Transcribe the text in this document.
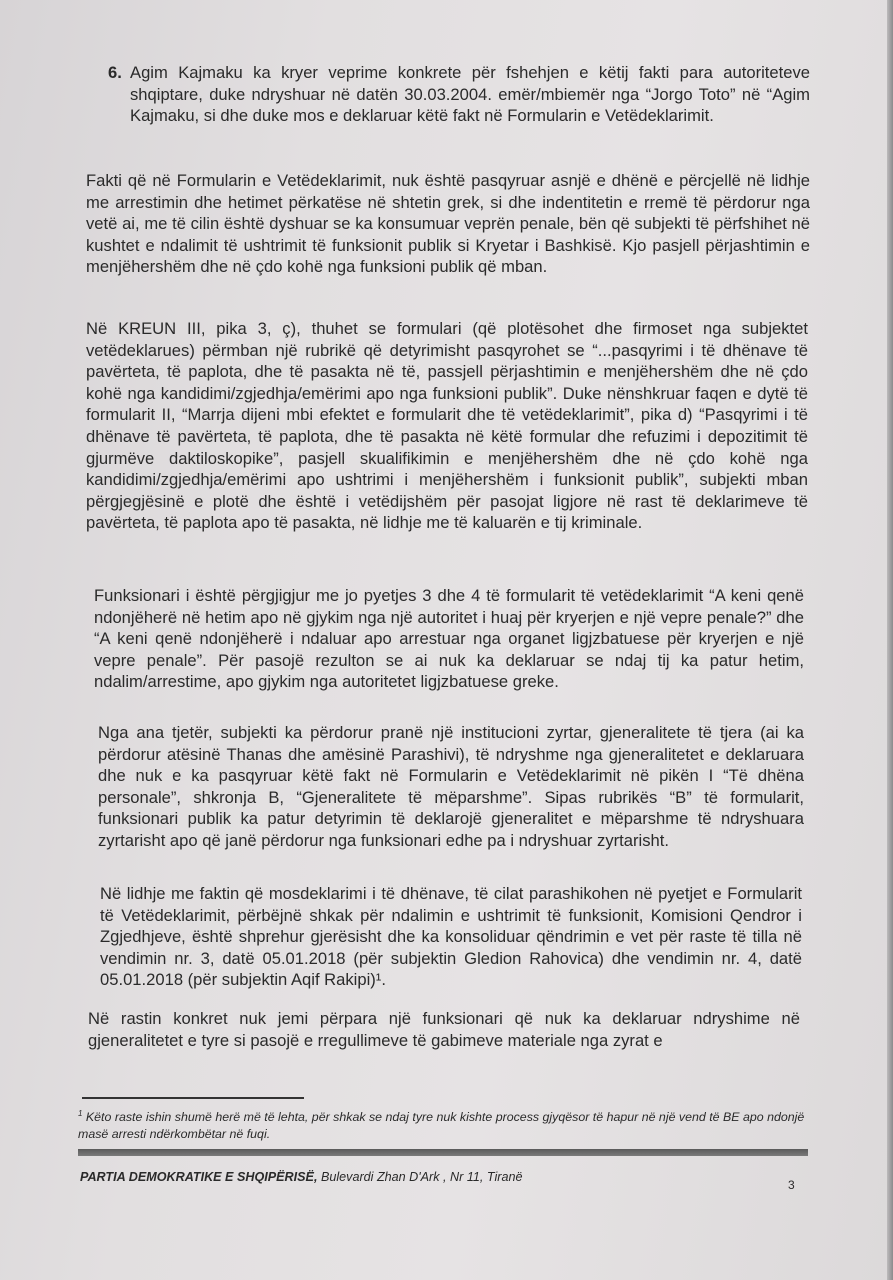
6. Agim Kajmaku ka kryer veprime konkrete për fshehjen e këtij fakti para autoriteteve shqiptare, duke ndryshuar në datën 30.03.2004. emër/mbiemër nga “Jorgo Toto” në “Agim Kajmaku, si dhe duke mos e deklaruar këtë fakt në Formularin e Vetëdeklarimit.

Fakti që në Formularin e Vetëdeklarimit, nuk është pasqyruar asnjë e dhënë e përcjellë në lidhje me arrestimin dhe hetimet përkatëse në shtetin grek, si dhe indentitetin e rremë të përdorur nga vetë ai, me të cilin është dyshuar se ka konsumuar veprën penale, bën që subjekti të përfshihet në kushtet e ndalimit të ushtrimit të funksionit publik si Kryetar i Bashkisë. Kjo pasjell përjashtimin e menjëhershëm dhe në çdo kohë nga funksioni publik që mban.

Në KREUN III, pika 3, ç), thuhet se formulari (që plotësohet dhe firmoset nga subjektet vetëdeklarues) përmban një rubrikë që detyrimisht pasqyrohet se “...pasqyrimi i të dhënave të pavërteta, të paplota, dhe të pasakta në të, passjell përjashtimin e menjëhershëm dhe në çdo kohë nga kandidimi/zgjedhja/emërimi apo nga funksioni publik”. Duke nënshkruar faqen e dytë të formularit II, “Marrja dijeni mbi efektet e formularit dhe të vetëdeklarimit”, pika d) “Pasqyrimi i të dhënave të pavërteta, të paplota, dhe të pasakta në këtë formular dhe refuzimi i depozitimit të gjurmëve daktiloskopike”, pasjell skualifikimin e menjëhershëm dhe në çdo kohë nga kandidimi/zgjedhja/emërimi apo ushtrimi i menjëhershëm i funksionit publik”, subjekti mban përgjegjësinë e plotë dhe është i vetëdijshëm për pasojat ligjore në rast të deklarimeve të pavërteta, të paplota apo të pasakta, në lidhje me të kaluarën e tij kriminale.

Funksionari i është përgjigjur me jo pyetjes 3 dhe 4 të formularit të vetëdeklarimit “A keni qenë ndonjëherë në hetim apo në gjykim nga një autoritet i huaj për kryerjen e një vepre penale?” dhe “A keni qenë ndonjëherë i ndaluar apo arrestuar nga organet ligjzbatuese për kryerjen e një vepre penale”. Për pasojë rezulton se ai nuk ka deklaruar se ndaj tij ka patur hetim, ndalim/arrestime, apo gjykim nga autoritetet ligjzbatuese greke.

Nga ana tjetër, subjekti ka përdorur pranë një institucioni zyrtar, gjeneralitete të tjera (ai ka përdorur atësinë Thanas dhe amësinë Parashivi), të ndryshme nga gjeneralitetet e deklaruara dhe nuk e ka pasqyruar këtë fakt në Formularin e Vetëdeklarimit në pikën I “Të dhëna personale”, shkronja B, “Gjeneralitete të mëparshme”. Sipas rubrikës “B” të formularit, funksionari publik ka patur detyrimin të deklarojë gjeneralitet e mëparshme të ndryshuara zyrtarisht apo që janë përdorur nga funksionari edhe pa i ndryshuar zyrtarisht.

Në lidhje me faktin që mosdeklarimi i të dhënave, të cilat parashikohen në pyetjet e Formularit të Vetëdeklarimit, përbëjnë shkak për ndalimin e ushtrimit të funksionit, Komisioni Qendror i Zgjedhjeve, është shprehur gjerësisht dhe ka konsoliduar qëndrimin e vet për raste të tilla në vendimin nr. 3, datë 05.01.2018 (për subjektin Gledion Rahovica) dhe vendimin nr. 4, datë 05.01.2018 (për subjektin Aqif Rakipi)¹.

Në rastin konkret nuk jemi përpara një funksionari që nuk ka deklaruar ndryshime në gjeneralitetet e tyre si pasojë e rregullimeve të gabimeve materiale nga zyrat e

$^1$ Këto raste ishin shumë herë më të lehta, për shkak se ndaj tyre nuk kishte process gjyqësor të hapur në një vend të BE apo ndonjë masë arresti ndërkombëtar në fuqi.

PARTIA DEMOKRATIKE E SHQIPËRISË, Bulevardi Zhan D'Ark , Nr 11, Tiranë

3
